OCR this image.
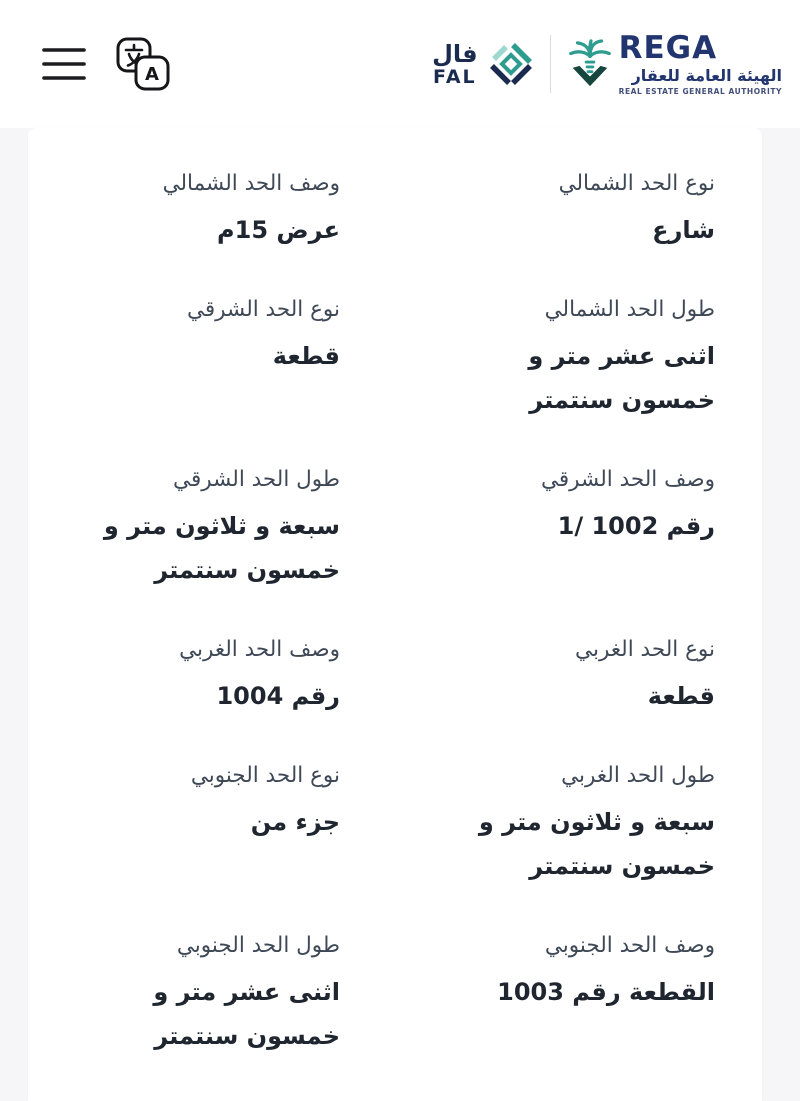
A
فال
FAL
REGA
الهيئة العامة للعقار
REAL ESTATE GENERAL AUTHORITY
نوع الحد الشمالي
شارع
وصف الحد الشمالي
عرض 15م
طول الحد الشمالي
اثنى عشر متر و خمسون سنتمتر
نوع الحد الشرقي
قطعة
وصف الحد الشرقي
رقم 1002 /1
طول الحد الشرقي
سبعة و ثلاثون متر و خمسون سنتمتر
نوع الحد الغربي
قطعة
وصف الحد الغربي
رقم 1004
طول الحد الغربي
سبعة و ثلاثون متر و خمسون سنتمتر
نوع الحد الجنوبي
جزء من
وصف الحد الجنوبي
القطعة رقم 1003
طول الحد الجنوبي
اثنى عشر متر و خمسون سنتمتر
